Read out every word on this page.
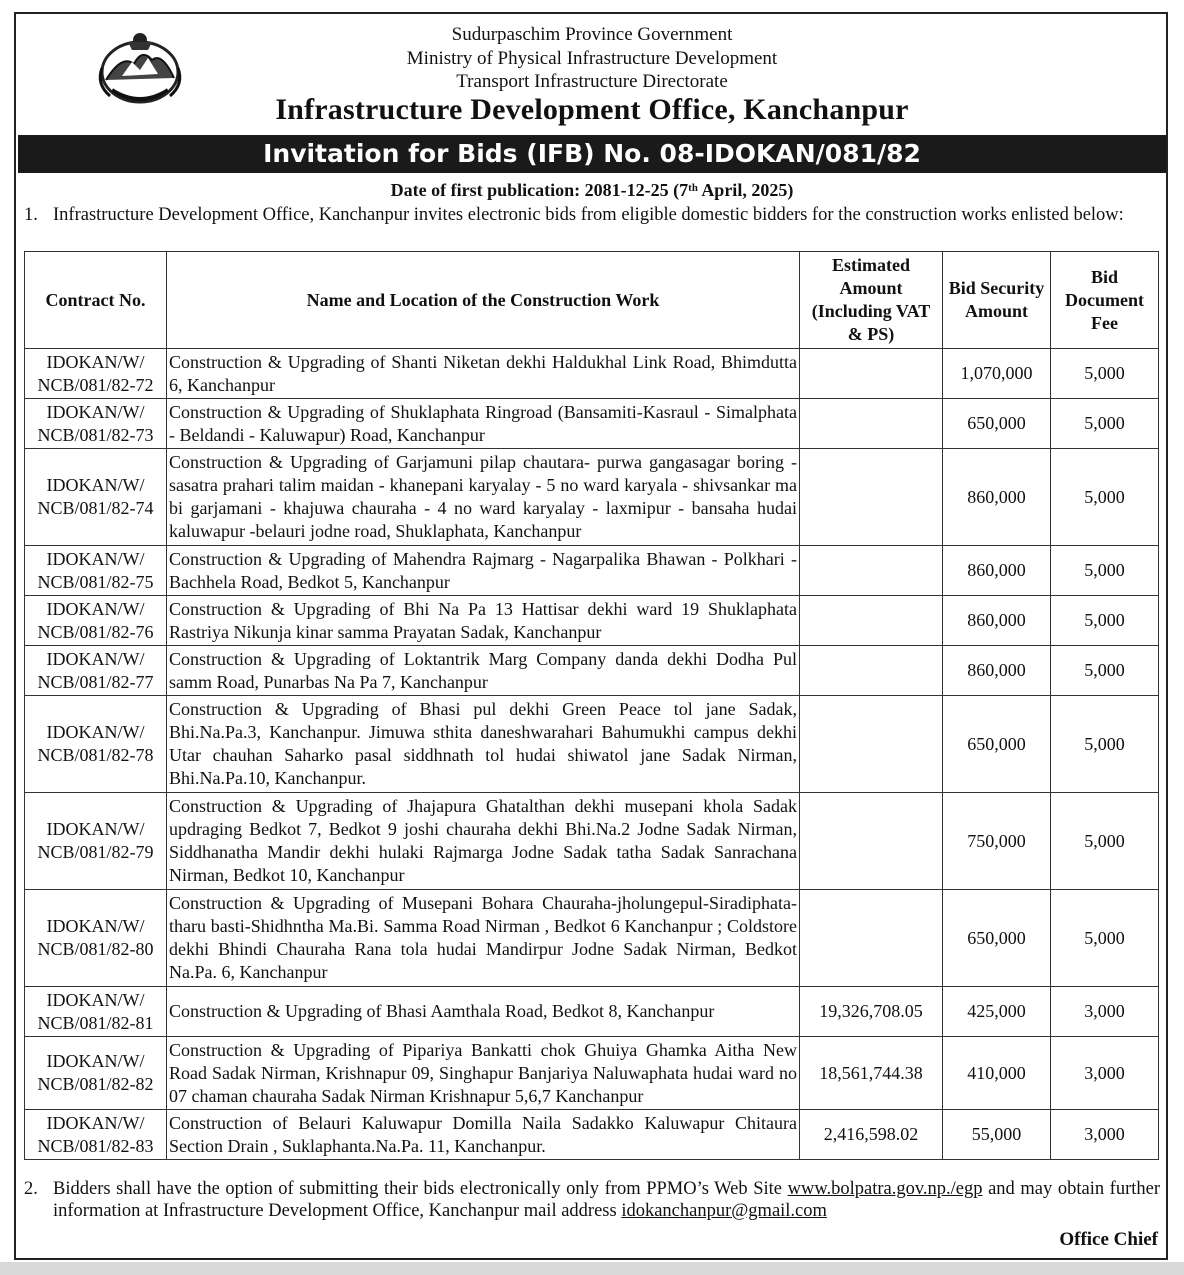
Sudurpaschim Province Government
Ministry of Physical Infrastructure Development
Transport Infrastructure Directorate
Infrastructure Development Office, Kanchanpur
Invitation for Bids (IFB) No. 08-IDOKAN/081/82
Date of first publication: 2081-12-25 (7ᵗʰ April, 2025)
1. Infrastructure Development Office, Kanchanpur invites electronic bids from eligible domestic bidders for the construction works enlisted below:
Contract No.	Name and Location of the Construction Work	Estimated Amount (Including VAT & PS)	Bid Security Amount	Bid Document Fee

IDOKAN/W/
NCB/081/82-72	Construction & Upgrading of Shanti Niketan dekhi Haldukhal Link Road, Bhimdutta 6, Kanchanpur		1,070,000	5,000

IDOKAN/W/
NCB/081/82-73	Construction & Upgrading of Shuklaphata Ringroad (Bansamiti-Kasraul - Simalphata - Beldandi - Kaluwapur) Road, Kanchanpur		650,000	5,000

IDOKAN/W/
NCB/081/82-74	Construction & Upgrading of Garjamuni pilap chautara- purwa gangasagar boring - sasatra prahari talim maidan - khanepani karyalay - 5 no ward karyala - shivsankar ma bi garjamani - khajuwa chauraha - 4 no ward karyalay - laxmipur - bansaha hudai kaluwapur -belauri jodne road, Shuklaphata, Kanchanpur		860,000	5,000

IDOKAN/W/
NCB/081/82-75	Construction & Upgrading of Mahendra Rajmarg - Nagarpalika Bhawan - Polkhari - Bachhela Road, Bedkot 5, Kanchanpur		860,000	5,000

IDOKAN/W/
NCB/081/82-76	Construction & Upgrading of Bhi Na Pa 13 Hattisar dekhi ward 19 Shuklaphata Rastriya Nikunja kinar samma Prayatan Sadak, Kanchanpur		860,000	5,000

IDOKAN/W/
NCB/081/82-77	Construction & Upgrading of Loktantrik Marg Company danda dekhi Dodha Pul samm Road, Punarbas Na Pa 7, Kanchanpur		860,000	5,000

IDOKAN/W/
NCB/081/82-78	Construction & Upgrading of Bhasi pul dekhi Green Peace tol jane Sadak, Bhi.Na.Pa.3, Kanchanpur. Jimuwa sthita daneshwarahari Bahumukhi campus dekhi Utar chauhan Saharko pasal siddhnath tol hudai shiwatol jane Sadak Nirman, Bhi.Na.Pa.10, Kanchanpur.		650,000	5,000

IDOKAN/W/
NCB/081/82-79	Construction & Upgrading of Jhajapura Ghatalthan dekhi musepani khola Sadak updraging Bedkot 7, Bedkot 9 joshi chauraha dekhi Bhi.Na.2 Jodne Sadak Nirman, Siddhanatha Mandir dekhi hulaki Rajmarga Jodne Sadak tatha Sadak Sanrachana Nirman, Bedkot 10, Kanchanpur		750,000	5,000

IDOKAN/W/
NCB/081/82-80	Construction & Upgrading of Musepani Bohara Chauraha-jholungepul-Siradiphata-tharu basti-Shidhntha Ma.Bi. Samma Road Nirman , Bedkot 6 Kanchanpur ; Coldstore dekhi Bhindi Chauraha Rana tola hudai Mandirpur Jodne Sadak Nirman, Bedkot Na.Pa. 6, Kanchanpur		650,000	5,000

IDOKAN/W/
NCB/081/82-81	Construction & Upgrading of Bhasi Aamthala Road, Bedkot 8, Kanchanpur	19,326,708.05	425,000	3,000

IDOKAN/W/
NCB/081/82-82	Construction & Upgrading of Pipariya Bankatti chok Ghuiya Ghamka Aitha New Road Sadak Nirman, Krishnapur 09, Singhapur Banjariya Naluwaphata hudai ward no 07 chaman chauraha Sadak Nirman Krishnapur 5,6,7 Kanchanpur	18,561,744.38	410,000	3,000

IDOKAN/W/
NCB/081/82-83	Construction of Belauri Kaluwapur Domilla Naila Sadakko Kaluwapur Chitaura Section Drain , Suklaphanta.Na.Pa. 11, Kanchanpur.	2,416,598.02	55,000	3,000
2. Bidders shall have the option of submitting their bids electronically only from PPMO’s Web Site www.bolpatra.gov.np./egp and may obtain further information at Infrastructure Development Office, Kanchanpur mail address idokanchanpur@gmail.com
Office Chief
